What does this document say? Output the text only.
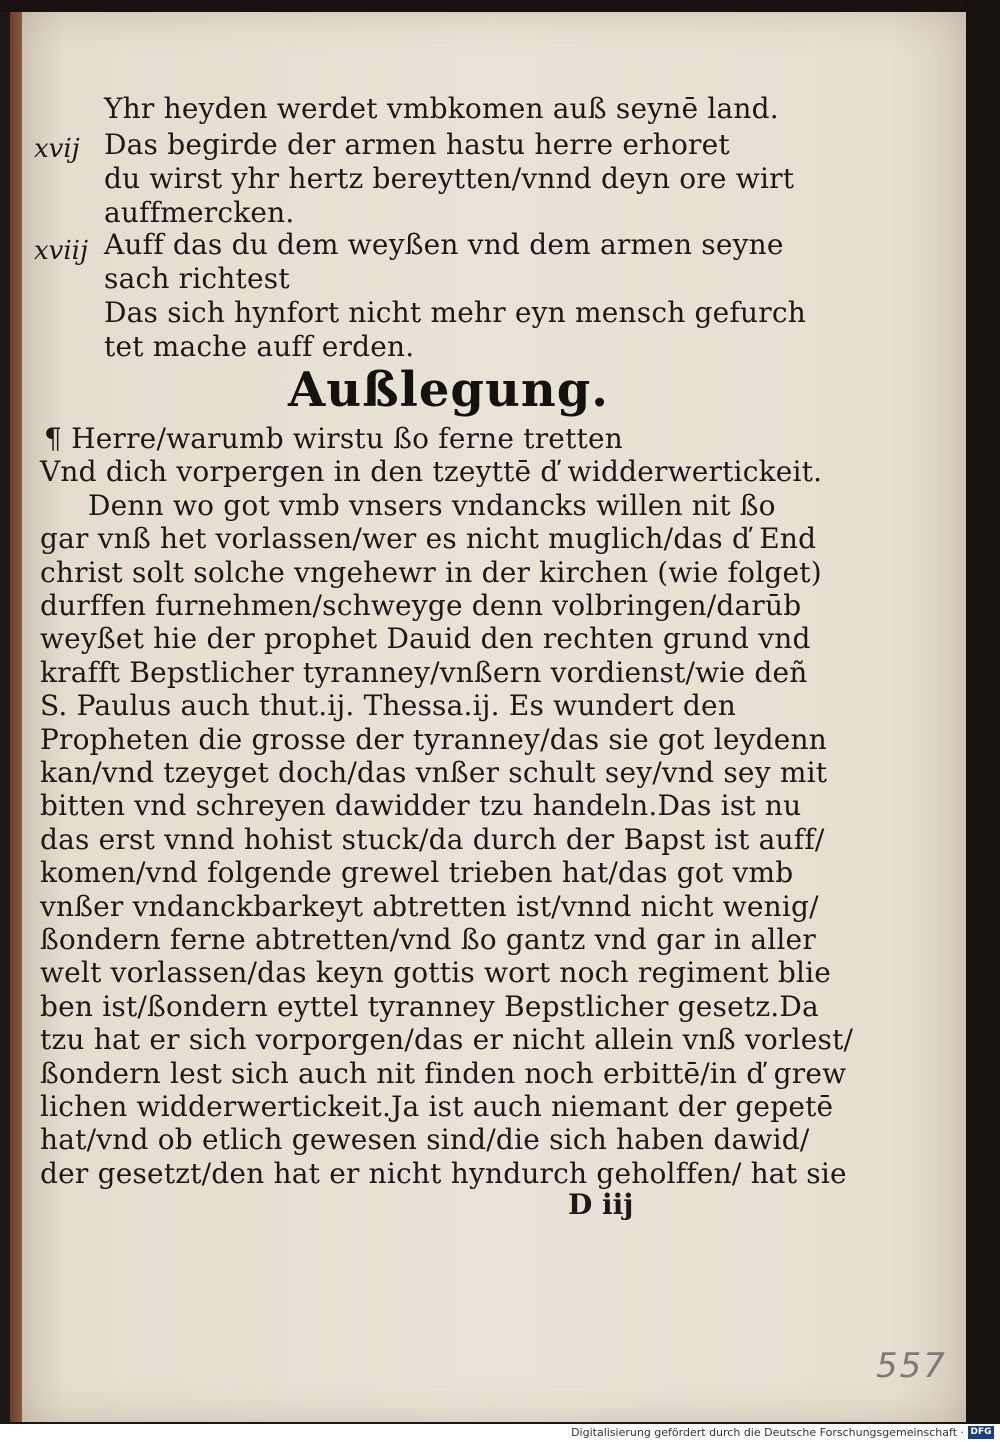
Yhr heyden werdet vmbkomen auß seynē land.
Das begirde der armen hastu herre erhoret
du wirst yhr hertz bereytten/vnnd deyn ore wirt
auffmercken.
Auff das du dem weyßen vnd dem armen seyne
sach richtest
Das sich hynfort nicht mehr eyn mensch gefurch
tet mache auff erden.
xvij
xviij
¶ Herre/warumb wirstu ßo ferne tretten
Vnd dich vorpergen in den tzeyttē ď widderwertickeit.
Denn wo got vmb vnsers vndancks willen nit ßo
gar vnß het vorlassen/wer es nicht muglich/das ď End
christ solt solche vngehewr in der kirchen (wie folget)
durffen furnehmen/schweyge denn volbringen/darūb
weyßet hie der prophet Dauid den rechten grund vnd
krafft Bepstlicher tyranney/vnßern vordienst/wie deñ
S. Paulus auch thut.ij. Thessa.ij. Es wundert den
Propheten die grosse der tyranney/das sie got leydenn
kan/vnd tzeyget doch/das vnßer schult sey/vnd sey mit
bitten vnd schreyen dawidder tzu handeln.Das ist nu
das erst vnnd hohist stuck/da durch der Bapst ist auff/
komen/vnd folgende grewel trieben hat/das got vmb
vnßer vndanckbarkeyt abtretten ist/vnnd nicht wenig/
ßondern ferne abtretten/vnd ßo gantz vnd gar in aller
welt vorlassen/das keyn gottis wort noch regiment blie
ben ist/ßondern eyttel tyranney Bepstlicher gesetz.Da
tzu hat er sich vorporgen/das er nicht allein vnß vorlest/
ßondern lest sich auch nit finden noch erbittē/in ď grew
lichen widderwertickeit.Ja ist auch niemant der gepetē
hat/vnd ob etlich gewesen sind/die sich haben dawid/
der gesetzt/den hat er nicht hyndurch geholffen/ hat sie
Außlegung.
D iij
557
Digitalisierung gefördert durch die Deutsche Forschungsgemeinschaft · DFG
